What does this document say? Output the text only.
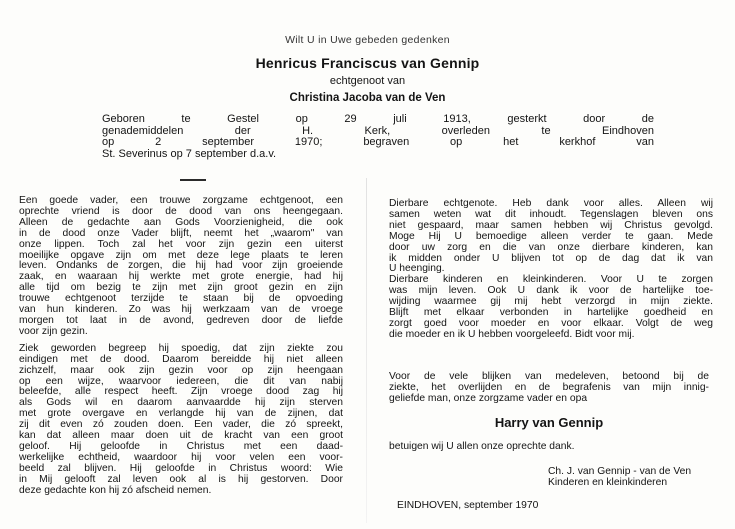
Wilt U in Uwe gebeden gedenken
Henricus Franciscus van Gennip
echtgenoot van
Christina Jacoba van de Ven
Geboren te Gestel op 29 juli 1913, gesterkt door de
genademiddelen der H. Kerk, overleden te Eindhoven
op 2 september 1970; begraven op het kerkhof van
St. Severinus op 7 september d.a.v.
Een goede vader, een trouwe zorgzame echtgenoot, een
oprechte vriend is door de dood van ons heengegaan.
Alleen de gedachte aan Gods Voorzienigheid, die ook
in de dood onze Vader blijft, neemt het „waarom" van
onze lippen. Toch zal het voor zijn gezin een uiterst
moeilijke opgave zijn om met deze lege plaats te leren
leven. Ondanks de zorgen, die hij had voor zijn groeiende
zaak, en waaraan hij werkte met grote energie, had hij
alle tijd om bezig te zijn met zijn groot gezin en zijn
trouwe echtgenoot terzijde te staan bij de opvoeding
van hun kinderen. Zo was hij werkzaam van de vroege
morgen tot laat in de avond, gedreven door de liefde
voor zijn gezin.
Ziek geworden begreep hij spoedig, dat zijn ziekte zou
eindigen met de dood. Daarom bereidde hij niet alleen
zichzelf, maar ook zijn gezin voor op zijn heengaan
op een wijze, waarvoor iedereen, die dit van nabij
beleefde, alle respect heeft. Zijn vroege dood zag hij
als Gods wil en daarom aanvaardde hij zijn sterven
met grote overgave en verlangde hij van de zijnen, dat
zij dit even zó zouden doen. Een vader, die zó spreekt,
kan dat alleen maar doen uit de kracht van een groot
geloof. Hij geloofde in Christus met een daad-
werkelijke echtheid, waardoor hij voor velen een voor-
beeld zal blijven. Hij geloofde in Christus woord: Wie
in Mij gelooft zal leven ook al is hij gestorven. Door
deze gedachte kon hij zó afscheid nemen.
Dierbare echtgenote. Heb dank voor alles. Alleen wij
samen weten wat dit inhoudt. Tegenslagen bleven ons
niet gespaard, maar samen hebben wij Christus gevolgd.
Moge Hij U bemoedige alleen verder te gaan. Mede
door uw zorg en die van onze dierbare kinderen, kan
ik midden onder U blijven tot op de dag dat ik van
U heenging.
Dierbare kinderen en kleinkinderen. Voor U te zorgen
was mijn leven. Ook U dank ik voor de hartelijke toe-
wijding waarmee gij mij hebt verzorgd in mijn ziekte.
Blijft met elkaar verbonden in hartelijke goedheid en
zorgt goed voor moeder en voor elkaar. Volgt de weg
die moeder en ik U hebben voorgeleefd. Bidt voor mij.
Voor de vele blijken van medeleven, betoond bij de
ziekte, het overlijden en de begrafenis van mijn innig-
geliefde man, onze zorgzame vader en opa
Harry van Gennip
betuigen wij U allen onze oprechte dank.
Ch. J. van Gennip - van de Ven
Kinderen en kleinkinderen
EINDHOVEN, september 1970
